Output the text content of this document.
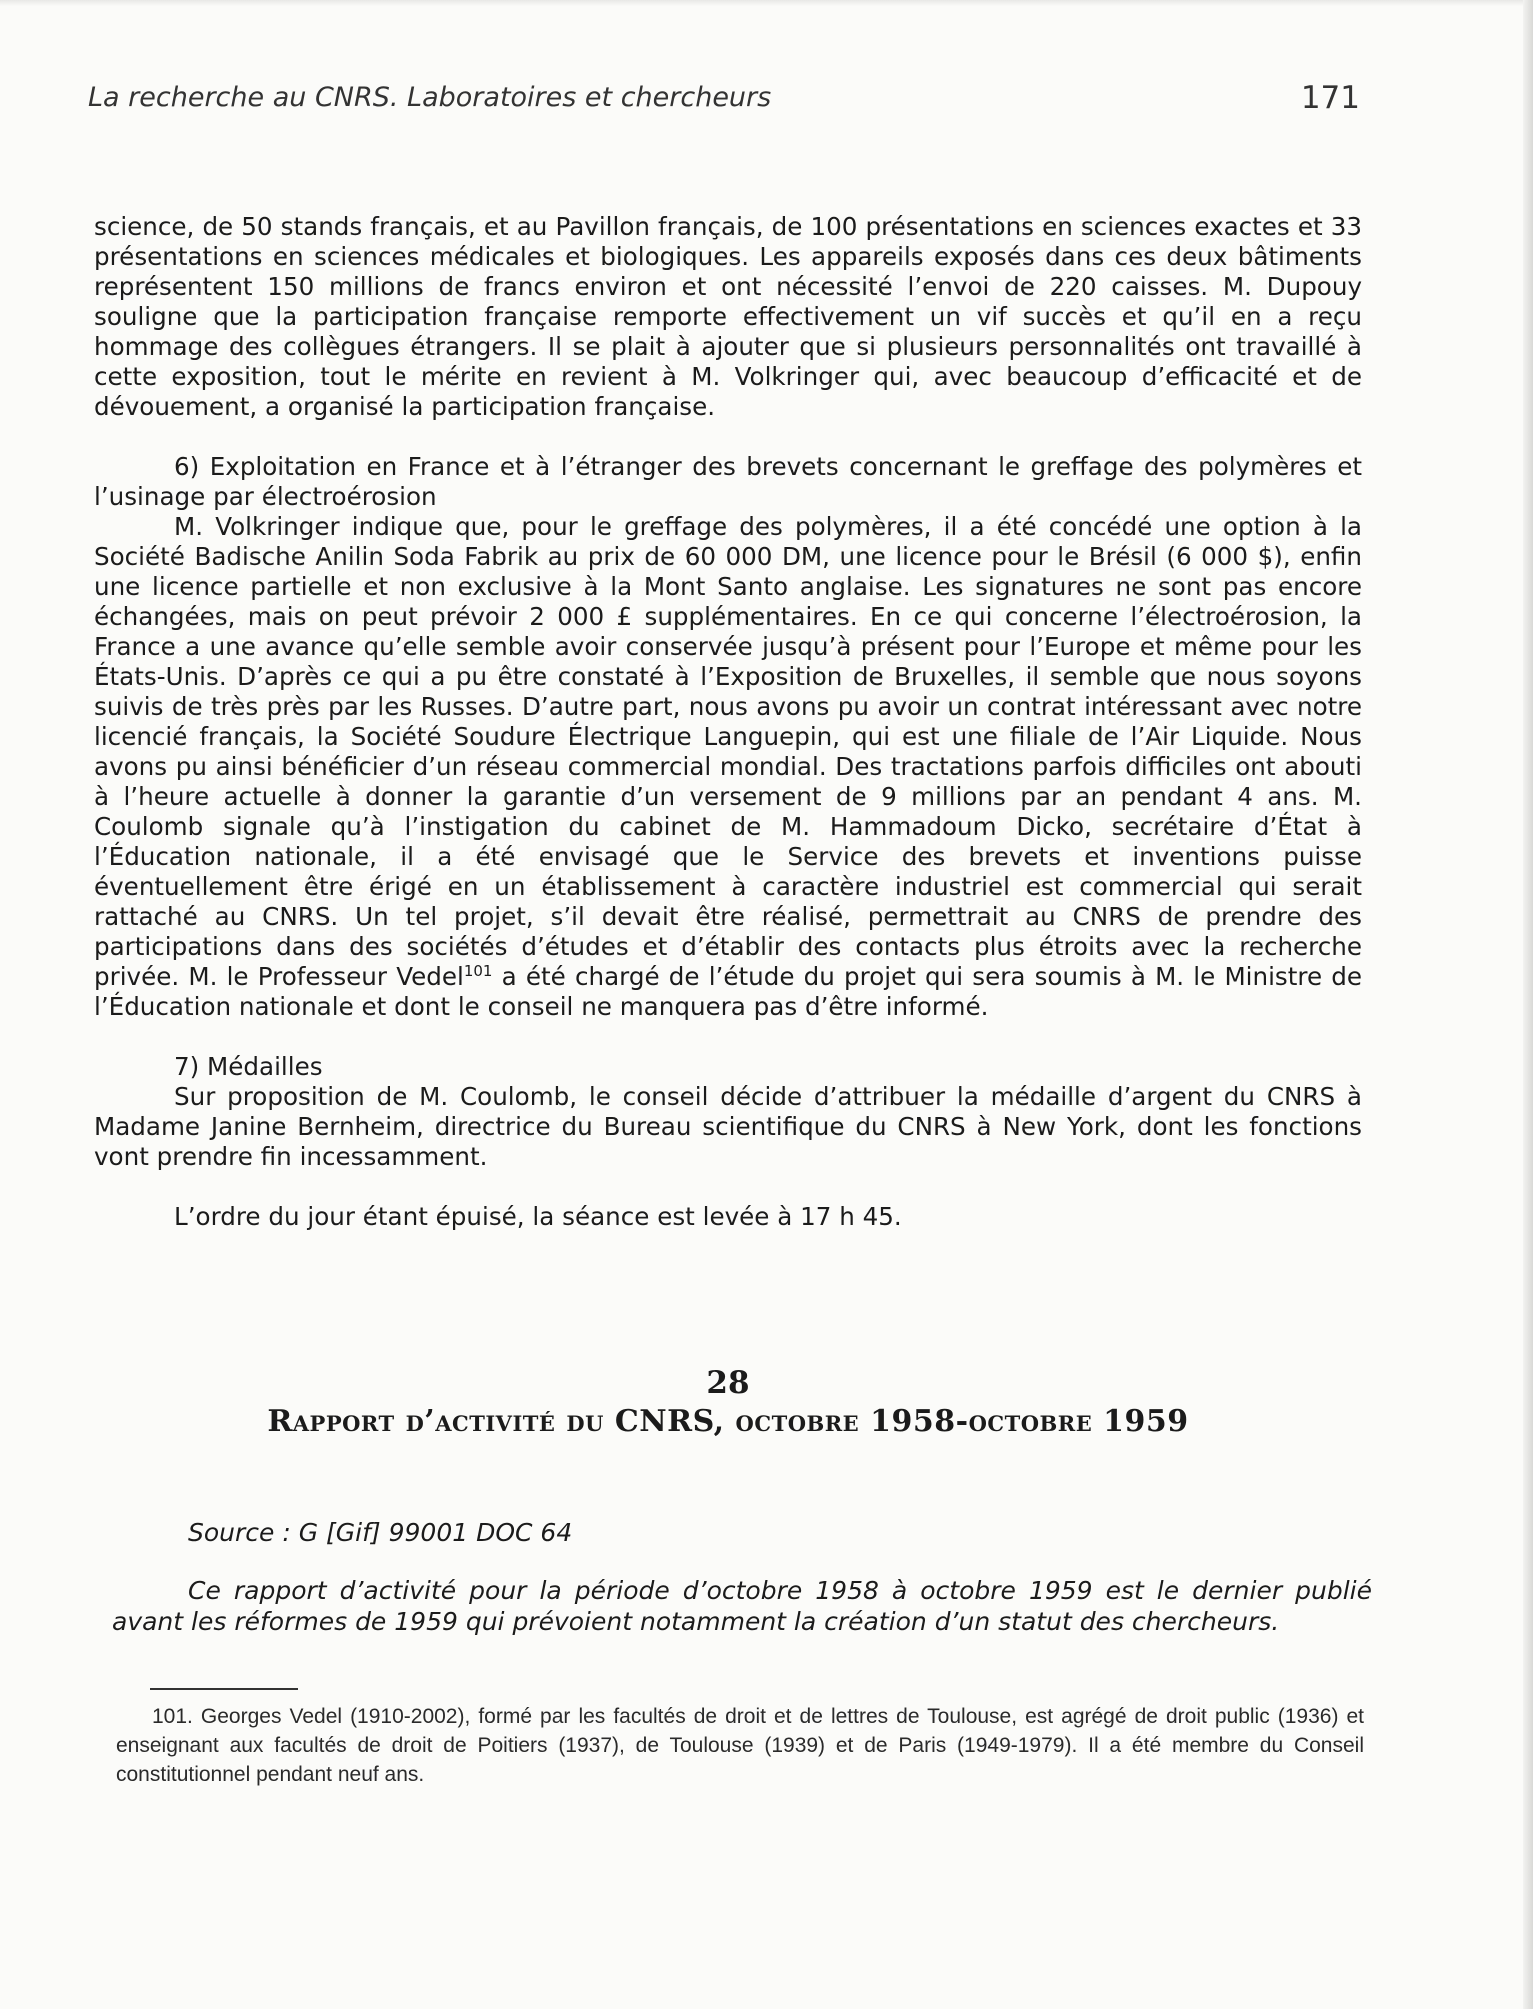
La recherche au CNRS. Laboratoires et chercheurs	171

science, de 50 stands français, et au Pavillon français, de 100 présentations en sciences exactes et 33 présentations en sciences médicales et biologiques. Les appareils exposés dans ces deux bâtiments représentent 150 millions de francs environ et ont nécessité l’envoi de 220 caisses. M. Dupouy souligne que la participation française remporte effectivement un vif succès et qu’il en a reçu hommage des collègues étrangers. Il se plait à ajouter que si plusieurs personnalités ont travaillé à cette exposition, tout le mérite en revient à M. Volkringer qui, avec beaucoup d’efficacité et de dévouement, a organisé la participation française.

6) Exploitation en France et à l’étranger des brevets concernant le greffage des polymères et l’usinage par électroérosion

M. Volkringer indique que, pour le greffage des polymères, il a été concédé une option à la Société Badische Anilin Soda Fabrik au prix de 60 000 DM, une licence pour le Brésil (6 000 $), enfin une licence partielle et non exclusive à la Mont Santo anglaise. Les signatures ne sont pas encore échangées, mais on peut prévoir 2 000 £ supplémentaires. En ce qui concerne l’électroérosion, la France a une avance qu’elle semble avoir conservée jusqu’à présent pour l’Europe et même pour les États-Unis. D’après ce qui a pu être constaté à l’Exposition de Bruxelles, il semble que nous soyons suivis de très près par les Russes. D’autre part, nous avons pu avoir un contrat intéressant avec notre licencié français, la Société Soudure Électrique Languepin, qui est une filiale de l’Air Liquide. Nous avons pu ainsi bénéficier d’un réseau commercial mondial. Des tractations parfois difficiles ont abouti à l’heure actuelle à donner la garantie d’un versement de 9 millions par an pendant 4 ans. M. Coulomb signale qu’à l’instigation du cabinet de M. Hammadoum Dicko, secrétaire d’État à l’Éducation nationale, il a été envisagé que le Service des brevets et inventions puisse éventuellement être érigé en un établissement à caractère industriel est commercial qui serait rattaché au CNRS. Un tel projet, s’il devait être réalisé, permettrait au CNRS de prendre des participations dans des sociétés d’études et d’établir des contacts plus étroits avec la recherche privée. M. le Professeur Vedel$^{101}$ a été chargé de l’étude du projet qui sera soumis à M. le Ministre de l’Éducation nationale et dont le conseil ne manquera pas d’être informé.

7) Médailles

Sur proposition de M. Coulomb, le conseil décide d’attribuer la médaille d’argent du CNRS à Madame Janine Bernheim, directrice du Bureau scientifique du CNRS à New York, dont les fonctions vont prendre fin incessamment.

L’ordre du jour étant épuisé, la séance est levée à 17 h 45.

28
Rapport d’activité du CNRS, octobre 1958-octobre 1959
Source : G [Gif] 99001 DOC 64

Ce rapport d’activité pour la période d’octobre 1958 à octobre 1959 est le dernier publié avant les réformes de 1959 qui prévoient notamment la création d’un statut des chercheurs.

101. Georges Vedel (1910-2002), formé par les facultés de droit et de lettres de Toulouse, est agrégé de droit public (1936) et enseignant aux facultés de droit de Poitiers (1937), de Toulouse (1939) et de Paris (1949-1979). Il a été membre du Conseil constitutionnel pendant neuf ans.
